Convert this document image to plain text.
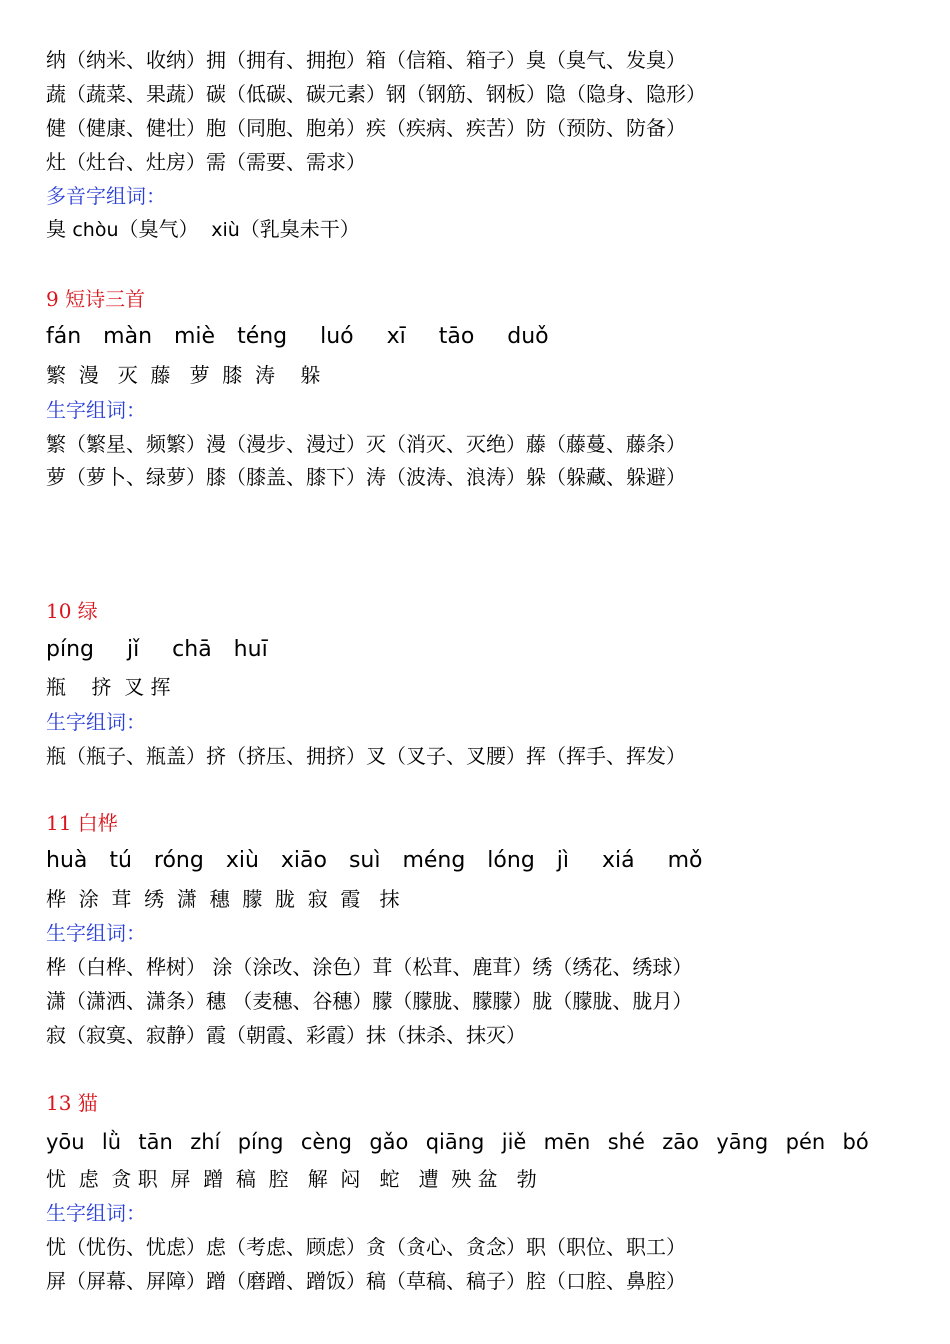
纳（纳米、收纳）拥（拥有、拥抱）箱（信箱、箱子）臭（臭气、发臭）
蔬（蔬菜、果蔬）碳（低碳、碳元素）钢（钢筋、钢板）隐（隐身、隐形）
健（健康、健壮）胞（同胞、胞弟）疾（疾病、疾苦）防（预防、防备）
灶（灶台、灶房）需（需要、需求）
多音字组词：
臭 chòu（臭气）  xiù（乳臭未干）
9 短诗三首
fán  màn  miè  téng   luó   xī   tāo   duǒ
繁  漫   灭  藤   萝  膝  涛    躲
生字组词：
繁（繁星、频繁）漫（漫步、漫过）灭（消灭、灭绝）藤（藤蔓、藤条）
萝（萝卜、绿萝）膝（膝盖、膝下）涛（波涛、浪涛）躲（躲藏、躲避）
10 绿
píng   jǐ   chā  huī
瓶    挤  叉 挥
生字组词：
瓶（瓶子、瓶盖）挤（挤压、拥挤）叉（叉子、叉腰）挥（挥手、挥发）
11 白桦
huà  tú  róng  xiù  xiāo  suì  méng  lóng  jì   xiá   mǒ
桦  涂  茸  绣  潇  穗  朦  胧  寂  霞   抹
生字组词：
桦（白桦、桦树） 涂（涂改、涂色）茸（松茸、鹿茸）绣（绣花、绣球）
潇（潇洒、潇条）穗 （麦穗、谷穗）朦（朦胧、朦朦）胧（朦胧、胧月）
寂（寂寞、寂静）霞（朝霞、彩霞）抹（抹杀、抹灭）
13 猫
yōu  lǜ  tān  zhí  píng  cèng  gǎo  qiāng  jiě  mēn  shé  zāo  yāng  pén  bó
忧  虑  贪 职  屏  蹭  稿  腔   解  闷   蛇   遭  殃 盆   勃
生字组词：
忧（忧伤、忧虑）虑（考虑、顾虑）贪（贪心、贪念）职（职位、职工）
屏（屏幕、屏障）蹭（磨蹭、蹭饭）稿（草稿、稿子）腔（口腔、鼻腔）
